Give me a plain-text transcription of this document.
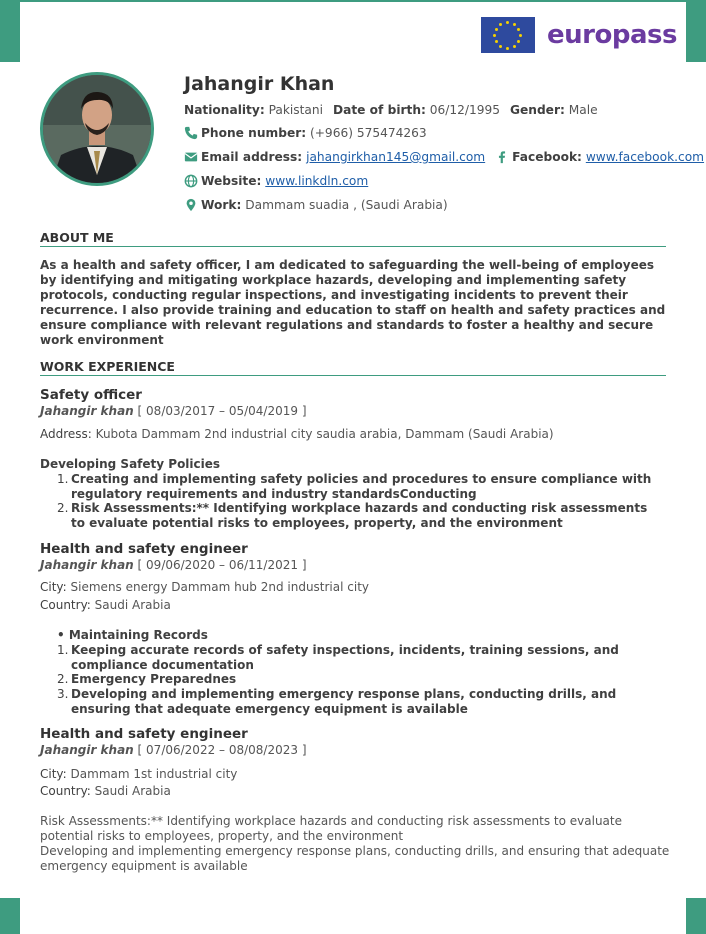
europass
Jahangir Khan
Nationality:
Pakistani Date of birth:
06/12/1995 Gender:
Male
Phone number:
(+966) 575474263
Email address:
jahangirkhan145@gmail.com Facebook:
www.facebook.com
Website:
www.linkdln.com
Work:
Dammam suadia , (Saudi Arabia)
ABOUT ME
As a health and safety officer, I am dedicated to safeguarding the well-being of employees by identifying and mitigating workplace hazards, developing and implementing safety protocols, conducting regular inspections, and investigating incidents to prevent their recurrence. I also provide training and education to staff on health and safety practices and ensure compliance with relevant regulations and standards to foster a healthy and secure work environment
WORK EXPERIENCE
Safety officer
Jahangir khan [ 08/03/2017 – 05/04/2019 ]
Address: Kubota Dammam 2nd industrial city saudia arabia, Dammam (Saudi Arabia)
Developing Safety Policies
1. Creating and implementing safety policies and procedures to ensure compliance with regulatory requirements and industry standardsConducting
2. Risk Assessments:** Identifying workplace hazards and conducting risk assessments to evaluate potential risks to employees, property, and the environment
Health and safety engineer
Jahangir khan [ 09/06/2020 – 06/11/2021 ]
City: Siemens energy Dammam hub 2nd industrial city
Country: Saudi Arabia
• Maintaining Records
1. Keeping accurate records of safety inspections, incidents, training sessions, and compliance documentation
2. Emergency Preparednes
3. Developing and implementing emergency response plans, conducting drills, and ensuring that adequate emergency equipment is available
Health and safety engineer
Jahangir khan [ 07/06/2022 – 08/08/2023 ]
City: Dammam 1st industrial city
Country: Saudi Arabia
Risk Assessments:** Identifying workplace hazards and conducting risk assessments to evaluate potential risks to employees, property, and the environment
Developing and implementing emergency response plans, conducting drills, and ensuring that adequate emergency equipment is available
